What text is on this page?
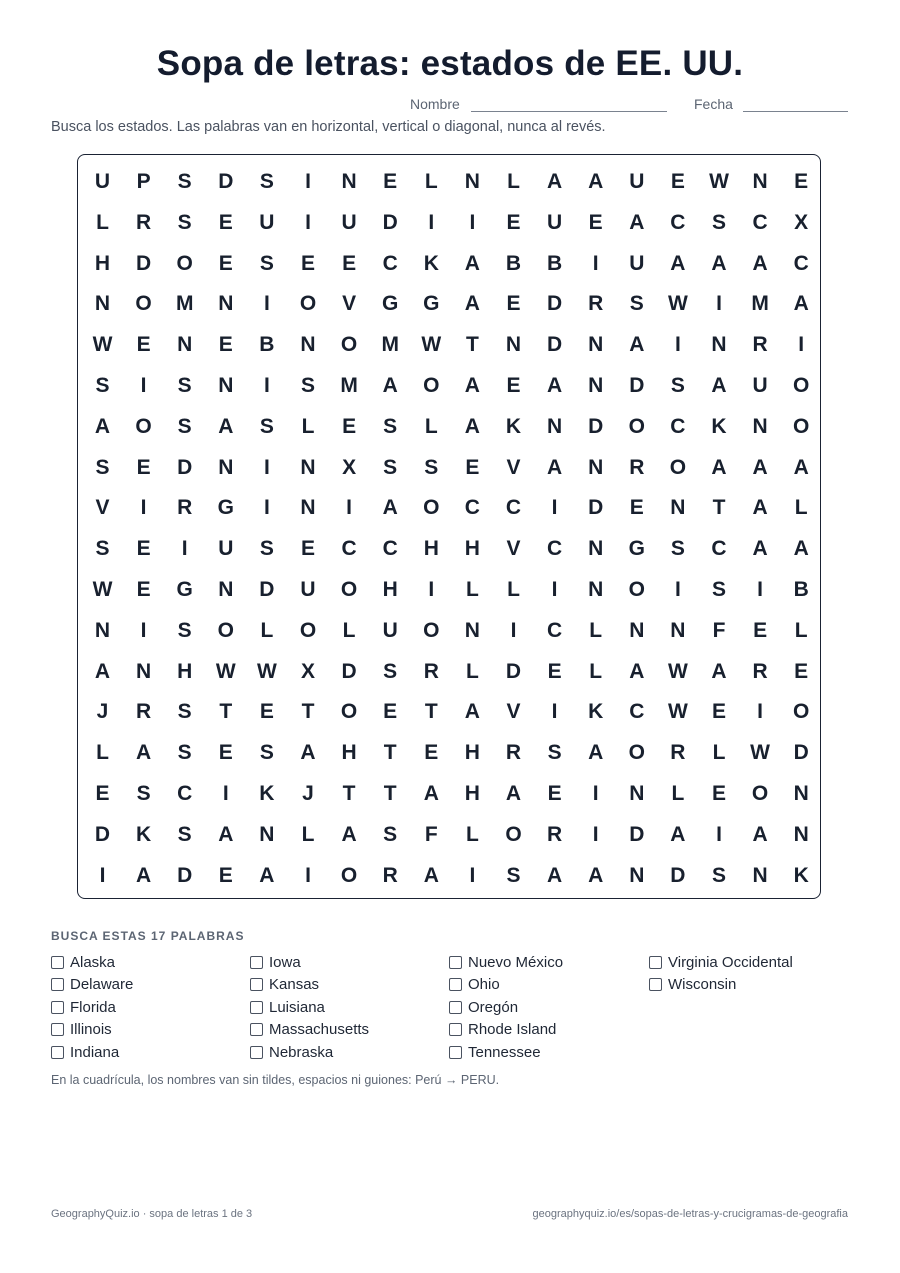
Sopa de letras: estados de EE. UU.
Nombre	Fecha
Busca los estados. Las palabras van en horizontal, vertical o diagonal, nunca al revés.
U	P	S	D	S	I	N	E	L	N	L	A	A	U	E	W	N	E
L	R	S	E	U	I	U	D	I	I	E	U	E	A	C	S	C	X
H	D	O	E	S	E	E	C	K	A	B	B	I	U	A	A	A	C
N	O	M	N	I	O	V	G	G	A	E	D	R	S	W	I	M	A
W	E	N	E	B	N	O	M	W	T	N	D	N	A	I	N	R	I
S	I	S	N	I	S	M	A	O	A	E	A	N	D	S	A	U	O
A	O	S	A	S	L	E	S	L	A	K	N	D	O	C	K	N	O
S	E	D	N	I	N	X	S	S	E	V	A	N	R	O	A	A	A
V	I	R	G	I	N	I	A	O	C	C	I	D	E	N	T	A	L
S	E	I	U	S	E	C	C	H	H	V	C	N	G	S	C	A	A
W	E	G	N	D	U	O	H	I	L	L	I	N	O	I	S	I	B
N	I	S	O	L	O	L	U	O	N	I	C	L	N	N	F	E	L
A	N	H	W	W	X	D	S	R	L	D	E	L	A	W	A	R	E
J	R	S	T	E	T	O	E	T	A	V	I	K	C	W	E	I	O
L	A	S	E	S	A	H	T	E	H	R	S	A	O	R	L	W	D
E	S	C	I	K	J	T	T	A	H	A	E	I	N	L	E	O	N
D	K	S	A	N	L	A	S	F	L	O	R	I	D	A	I	A	N
I	A	D	E	A	I	O	R	A	I	S	A	A	N	D	S	N	K
BUSCA ESTAS 17 PALABRAS
Alaska
Delaware
Florida
Illinois
Indiana
Iowa
Kansas
Luisiana
Massachusetts
Nebraska
Nuevo México
Ohio
Oregón
Rhode Island
Tennessee
Virginia Occidental
Wisconsin
En la cuadrícula, los nombres van sin tildes, espacios ni guiones: Perú → PERU.
GeographyQuiz.io · sopa de letras 1 de 3	geographyquiz.io/es/sopas-de-letras-y-crucigramas-de-geografia
